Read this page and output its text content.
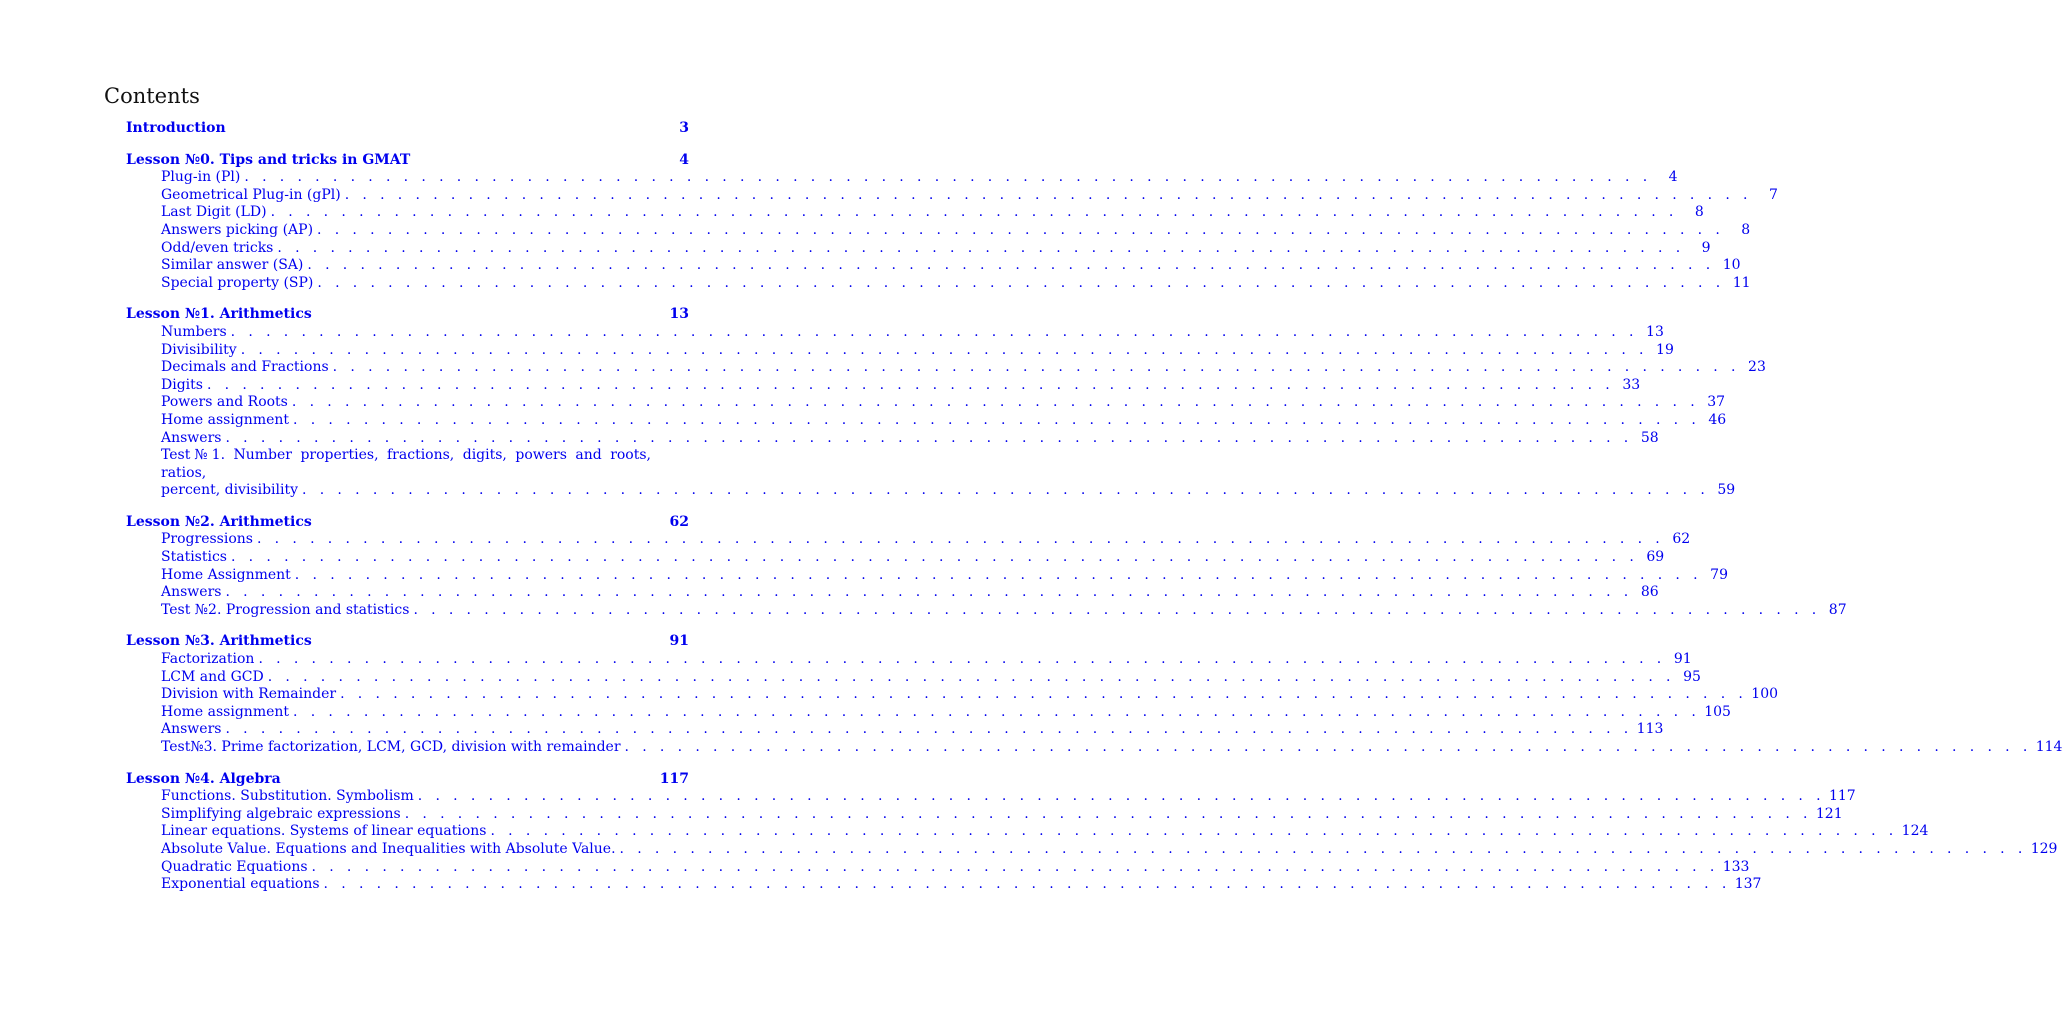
Contents
Introduction	3
Lesson №0. Tips and tricks in GMAT	4
Plug-in (Pl) . . . . . . . . . . . . . . . . . . . . . . . . . . . . . . . . . . . . . . . . . . . . . . . . . . . . . . . . . . . . . . . . . . . . . . . . . . . . . . . .	4
Geometrical Plug-in (gPl) . . . . . . . . . . . . . . . . . . . . . . . . . . . . . . . . . . . . . . . . . . . . . . . . . . . . . . . . . . . . . . . . . . . . . . . . . . . . . . . .	7
Last Digit (LD) . . . . . . . . . . . . . . . . . . . . . . . . . . . . . . . . . . . . . . . . . . . . . . . . . . . . . . . . . . . . . . . . . . . . . . . . . . . . . . . .	8
Answers picking (AP) . . . . . . . . . . . . . . . . . . . . . . . . . . . . . . . . . . . . . . . . . . . . . . . . . . . . . . . . . . . . . . . . . . . . . . . . . . . . . . . .	8
Odd/even tricks . . . . . . . . . . . . . . . . . . . . . . . . . . . . . . . . . . . . . . . . . . . . . . . . . . . . . . . . . . . . . . . . . . . . . . . . . . . . . . . .	9
Similar answer (SA) . . . . . . . . . . . . . . . . . . . . . . . . . . . . . . . . . . . . . . . . . . . . . . . . . . . . . . . . . . . . . . . . . . . . . . . . . . . . . . . . 10
Special property (SP) . . . . . . . . . . . . . . . . . . . . . . . . . . . . . . . . . . . . . . . . . . . . . . . . . . . . . . . . . . . . . . . . . . . . . . . . . . . . . . . . 11
Lesson №1. Arithmetics	13
Numbers . . . . . . . . . . . . . . . . . . . . . . . . . . . . . . . . . . . . . . . . . . . . . . . . . . . . . . . . . . . . . . . . . . . . . . . . . . . . . . . . 13
Divisibility . . . . . . . . . . . . . . . . . . . . . . . . . . . . . . . . . . . . . . . . . . . . . . . . . . . . . . . . . . . . . . . . . . . . . . . . . . . . . . . . 19
Decimals and Fractions . . . . . . . . . . . . . . . . . . . . . . . . . . . . . . . . . . . . . . . . . . . . . . . . . . . . . . . . . . . . . . . . . . . . . . . . . . . . . . . . 23
Digits . . . . . . . . . . . . . . . . . . . . . . . . . . . . . . . . . . . . . . . . . . . . . . . . . . . . . . . . . . . . . . . . . . . . . . . . . . . . . . . . 33
Powers and Roots . . . . . . . . . . . . . . . . . . . . . . . . . . . . . . . . . . . . . . . . . . . . . . . . . . . . . . . . . . . . . . . . . . . . . . . . . . . . . . . . 37
Home assignment . . . . . . . . . . . . . . . . . . . . . . . . . . . . . . . . . . . . . . . . . . . . . . . . . . . . . . . . . . . . . . . . . . . . . . . . . . . . . . . . 46
Answers . . . . . . . . . . . . . . . . . . . . . . . . . . . . . . . . . . . . . . . . . . . . . . . . . . . . . . . . . . . . . . . . . . . . . . . . . . . . . . . . 58
Test№1. Number properties, fractions, digits, powers and roots, ratios,
percent, divisibility . . . . . . . . . . . . . . . . . . . . . . . . . . . . . . . . . . . . . . . . . . . . . . . . . . . . . . . . . . . . . . . . . . . . . . . . . . . . . . . . 59
Lesson №2. Arithmetics	62
Progressions . . . . . . . . . . . . . . . . . . . . . . . . . . . . . . . . . . . . . . . . . . . . . . . . . . . . . . . . . . . . . . . . . . . . . . . . . . . . . . . . 62
Statistics . . . . . . . . . . . . . . . . . . . . . . . . . . . . . . . . . . . . . . . . . . . . . . . . . . . . . . . . . . . . . . . . . . . . . . . . . . . . . . . . 69
Home Assignment . . . . . . . . . . . . . . . . . . . . . . . . . . . . . . . . . . . . . . . . . . . . . . . . . . . . . . . . . . . . . . . . . . . . . . . . . . . . . . . . 79
Answers . . . . . . . . . . . . . . . . . . . . . . . . . . . . . . . . . . . . . . . . . . . . . . . . . . . . . . . . . . . . . . . . . . . . . . . . . . . . . . . . 86
Test №2. Progression and statistics . . . . . . . . . . . . . . . . . . . . . . . . . . . . . . . . . . . . . . . . . . . . . . . . . . . . . . . . . . . . . . . . . . . . . . . . . . . . . . . . 87
Lesson №3. Arithmetics	91
Factorization . . . . . . . . . . . . . . . . . . . . . . . . . . . . . . . . . . . . . . . . . . . . . . . . . . . . . . . . . . . . . . . . . . . . . . . . . . . . . . . . 91
LCM and GCD . . . . . . . . . . . . . . . . . . . . . . . . . . . . . . . . . . . . . . . . . . . . . . . . . . . . . . . . . . . . . . . . . . . . . . . . . . . . . . . . 95
Division with Remainder . . . . . . . . . . . . . . . . . . . . . . . . . . . . . . . . . . . . . . . . . . . . . . . . . . . . . . . . . . . . . . . . . . . . . . . . . . . . . . . . 100
Home assignment . . . . . . . . . . . . . . . . . . . . . . . . . . . . . . . . . . . . . . . . . . . . . . . . . . . . . . . . . . . . . . . . . . . . . . . . . . . . . . . . 105
Answers . . . . . . . . . . . . . . . . . . . . . . . . . . . . . . . . . . . . . . . . . . . . . . . . . . . . . . . . . . . . . . . . . . . . . . . . . . . . . . . . 113
Test№3. Prime factorization, LCM, GCD, division with remainder . . . . . . . . . . . . . . . . . . . . . . . . . . . . . . . . . . . . . . . . . . . . . . . . . . . . . . . . . . . . . . . . . . . . . . . . . . . . . . . . 114
Lesson №4. Algebra	117
Functions. Substitution. Symbolism . . . . . . . . . . . . . . . . . . . . . . . . . . . . . . . . . . . . . . . . . . . . . . . . . . . . . . . . . . . . . . . . . . . . . . . . . . . . . . . . 117
Simplifying algebraic expressions . . . . . . . . . . . . . . . . . . . . . . . . . . . . . . . . . . . . . . . . . . . . . . . . . . . . . . . . . . . . . . . . . . . . . . . . . . . . . . . . 121
Linear equations. Systems of linear equations . . . . . . . . . . . . . . . . . . . . . . . . . . . . . . . . . . . . . . . . . . . . . . . . . . . . . . . . . . . . . . . . . . . . . . . . . . . . . . . . 124
Absolute Value. Equations and Inequalities with Absolute Value. . . . . . . . . . . . . . . . . . . . . . . . . . . . . . . . . . . . . . . . . . . . . . . . . . . . . . . . . . . . . . . . . . . . . . . . . . . . . . . . . 129
Quadratic Equations . . . . . . . . . . . . . . . . . . . . . . . . . . . . . . . . . . . . . . . . . . . . . . . . . . . . . . . . . . . . . . . . . . . . . . . . . . . . . . . . 133
Exponential equations . . . . . . . . . . . . . . . . . . . . . . . . . . . . . . . . . . . . . . . . . . . . . . . . . . . . . . . . . . . . . . . . . . . . . . . . . . . . . . . . 137
